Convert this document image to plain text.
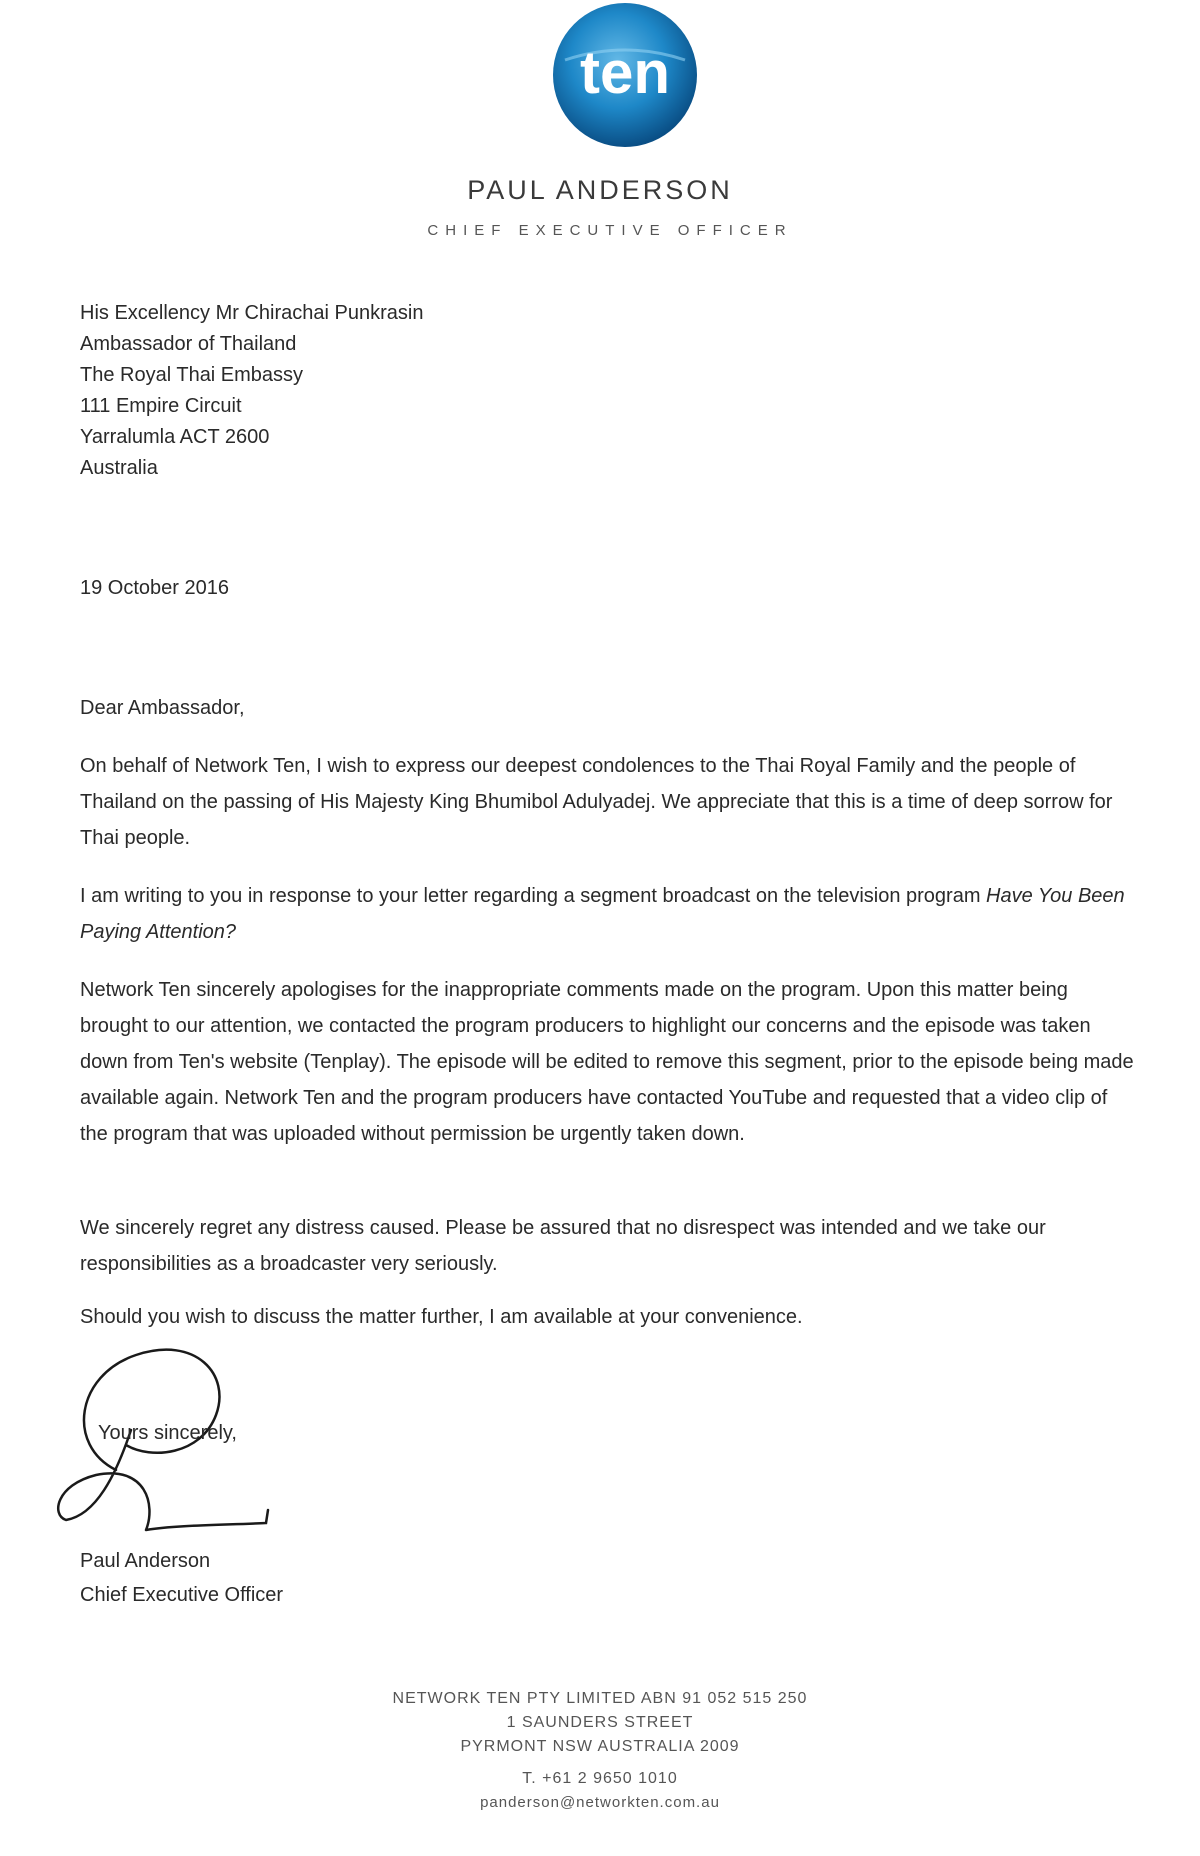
ten
PAUL ANDERSON
CHIEF EXECUTIVE OFFICER
His Excellency Mr Chirachai Punkrasin
Ambassador of Thailand
The Royal Thai Embassy
111 Empire Circuit
Yarralumla ACT 2600
Australia
19 October 2016
Dear Ambassador,

On behalf of Network Ten, I wish to express our deepest condolences to the Thai Royal Family and the people of Thailand on the passing of His Majesty King Bhumibol Adulyadej. We appreciate that this is a time of deep sorrow for Thai people.

I am writing to you in response to your letter regarding a segment broadcast on the television program Have You Been Paying Attention?

Network Ten sincerely apologises for the inappropriate comments made on the program. Upon this matter being brought to our attention, we contacted the program producers to highlight our concerns and the episode was taken down from Ten's website (Tenplay). The episode will be edited to remove this segment, prior to the episode being made available again. Network Ten and the program producers have contacted YouTube and requested that a video clip of the program that was uploaded without permission be urgently taken down.

We sincerely regret any distress caused. Please be assured that no disrespect was intended and we take our responsibilities as a broadcaster very seriously.

Should you wish to discuss the matter further, I am available at your convenience.

Yours sincerely,
Paul Anderson
Chief Executive Officer
NETWORK TEN PTY LIMITED ABN 91 052 515 250
1 SAUNDERS STREET
PYRMONT NSW AUSTRALIA 2009
T. +61 2 9650 1010
panderson@networkten.com.au
